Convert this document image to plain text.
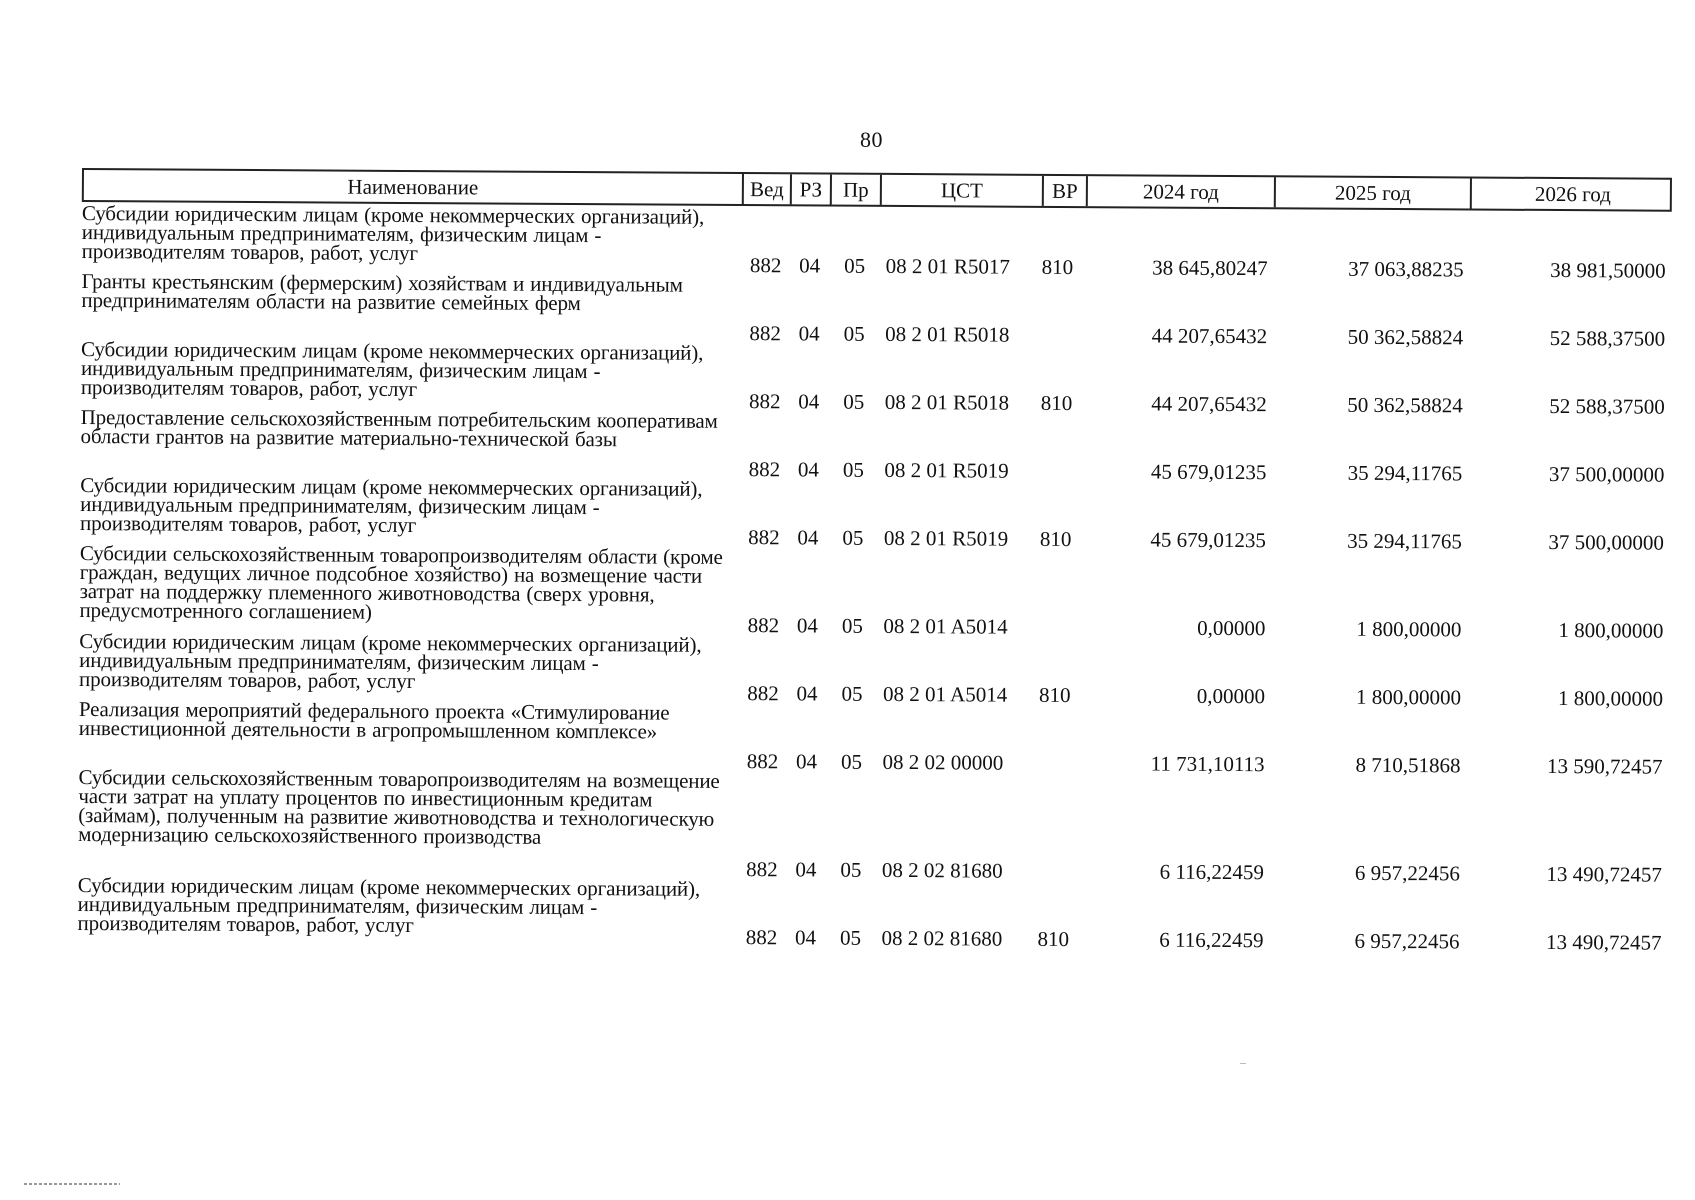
80
Наименование	Вед РЗ Пр	ЦСТ	ВР	2024 год	2025 год	2026 год
Субсидии юридическим лицам (кроме некоммерческих организаций), индивидуальным предпринимателям, физическим лицам - производителям товаров, работ, услуг
882 04	05 08 2 01 R5017	810	38 645,80247	37 063,88235	38 981,50000
Гранты крестьянским (фермерским) хозяйствам и индивидуальным предпринимателям области на развитие семейных ферм
882 04	05 08 2 01 R5018	44 207,65432	50 362,58824	52 588,37500
Субсидии юридическим лицам (кроме некоммерческих организаций), индивидуальным предпринимателям, физическим лицам - производителям товаров, работ, услуг
882 04	05 08 2 01 R5018	810	44 207,65432	50 362,58824	52 588,37500
Предоставление сельскохозяйственным потребительским кооперативам области грантов на развитие материально-технической базы
882 04	05 08 2 01 R5019	45 679,01235	35 294,11765	37 500,00000
Субсидии юридическим лицам (кроме некоммерческих организаций), индивидуальным предпринимателям, физическим лицам - производителям товаров, работ, услуг
882 04	05 08 2 01 R5019	810	45 679,01235	35 294,11765	37 500,00000
Субсидии сельскохозяйственным товаропроизводителям области (кроме граждан, ведущих личное подсобное хозяйство) на возмещение части затрат на поддержку племенного животноводства (сверх уровня, предусмотренного соглашением)
882 04	05 08 2 01 A5014	0,00000	1 800,00000	1 800,00000
Субсидии юридическим лицам (кроме некоммерческих организаций), индивидуальным предпринимателям, физическим лицам - производителям товаров, работ, услуг
882 04	05 08 2 01 A5014	810	0,00000	1 800,00000	1 800,00000
Реализация мероприятий федерального проекта «Стимулирование инвестиционной деятельности в агропромышленном комплексе»
882 04	05 08 2 02 00000	11 731,10113	8 710,51868	13 590,72457
Субсидии сельскохозяйственным товаропроизводителям на возмещение части затрат на уплату процентов по инвестиционным кредитам (займам), полученным на развитие животноводства и технологическую модернизацию сельскохозяйственного производства
882 04	05 08 2 02 81680	6 116,22459	6 957,22456	13 490,72457
Субсидии юридическим лицам (кроме некоммерческих организаций), индивидуальным предпринимателям, физическим лицам - производителям товаров, работ, услуг
882 04	05 08 2 02 81680	810	6 116,22459	6 957,22456	13 490,72457
